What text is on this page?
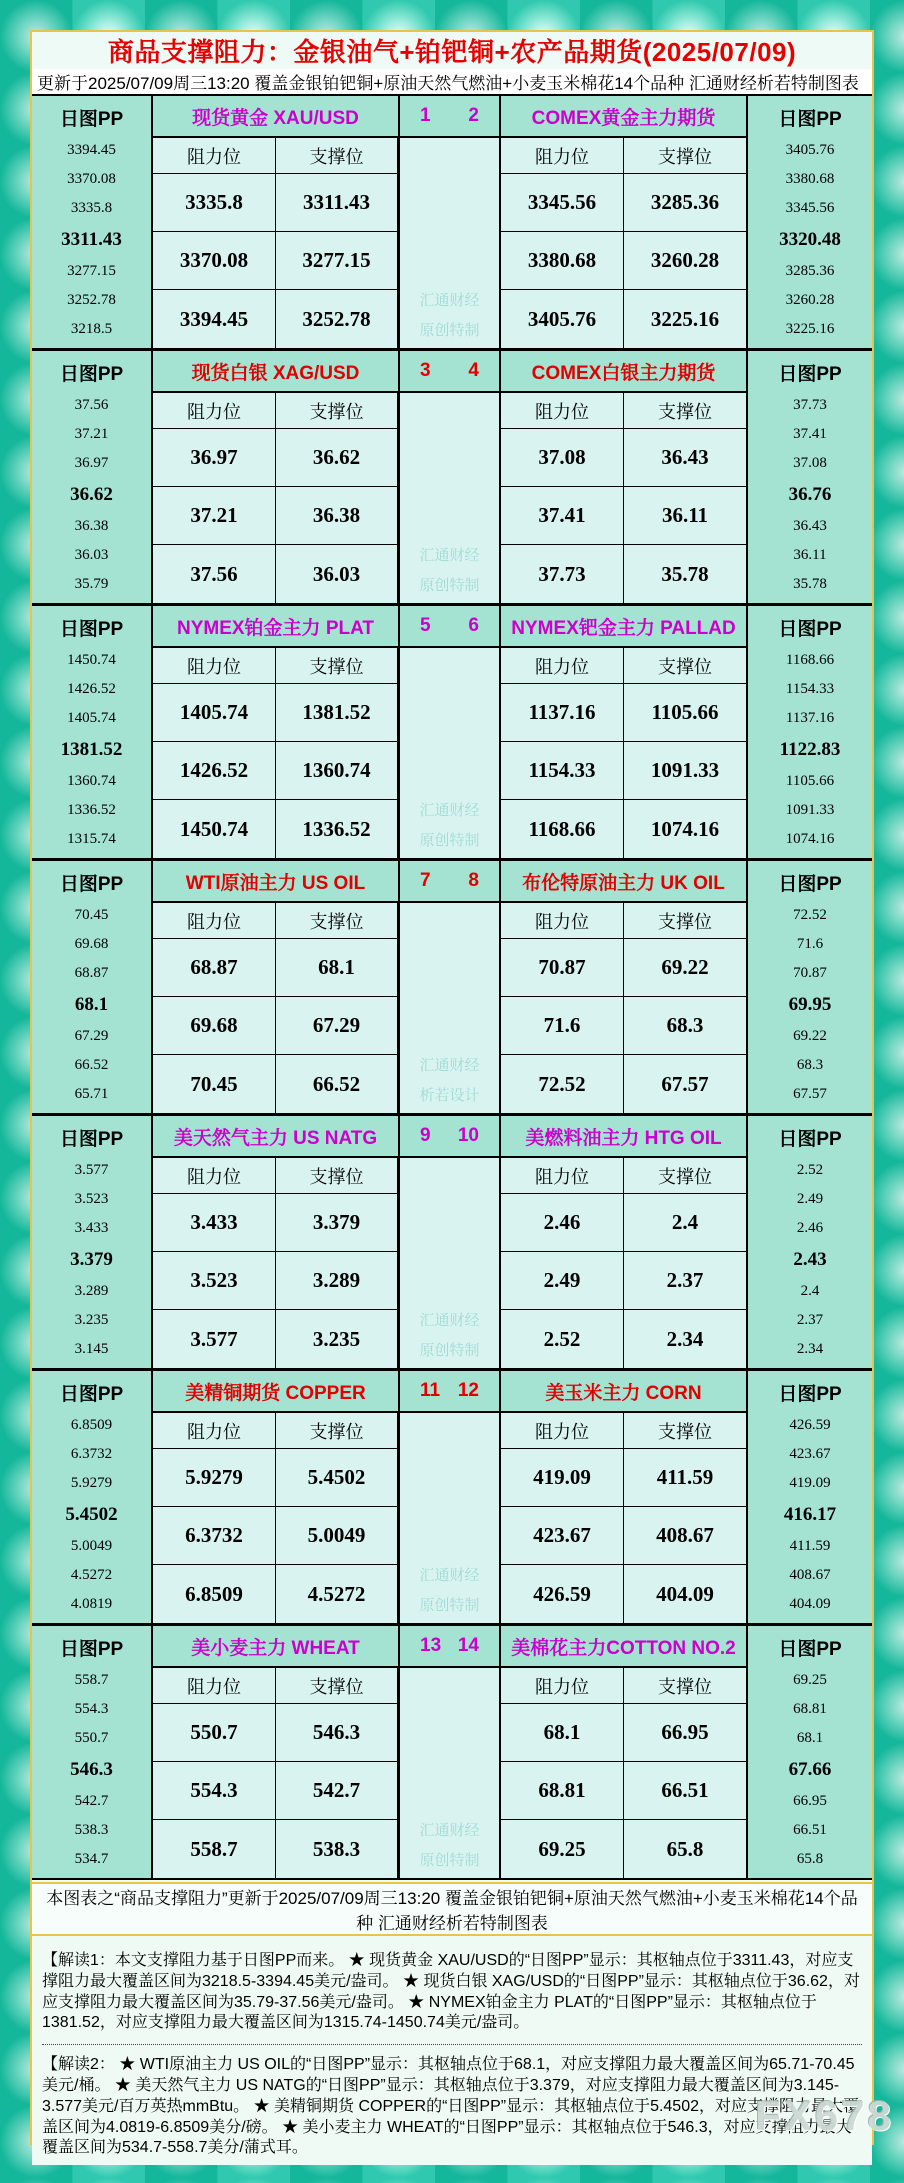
商品支撑阻力：金银油气+铂钯铜+农产品期货(2025/07/09)
更新于2025/07/09周三13:20 覆盖金银铂钯铜+原油天然气燃油+小麦玉米棉花14个品种 汇通财经析若特制图表
日图PP
3394.45
3370.08
3335.8
3311.43
3277.15
3252.78
3218.5
现货黄金 XAU/USD	1 2	COMEX黄金主力期货	日图PP
3405.76
3380.68
3345.56
3320.48
3285.36
3260.28
3225.16
阻力位	支撑位	阻力位	支撑位
汇通财经
原创特制
3335.8	3311.43
3370.08	3277.15
3394.45	3252.78
3345.56	3285.36
3380.68	3260.28
3405.76	3225.16
日图PP
37.56
37.21
36.97
36.62
36.38
36.03
35.79
现货白银 XAG/USD	3 4	COMEX白银主力期货	日图PP
37.73
37.41
37.08
36.76
36.43
36.11
35.78
阻力位	支撑位	阻力位	支撑位
汇通财经
原创特制
36.97	36.62
37.21	36.38
37.56	36.03
37.08	36.43
37.41	36.11
37.73	35.78
日图PP
1450.74
1426.52
1405.74
1381.52
1360.74
1336.52
1315.74
NYMEX铂金主力 PLAT	5 6	NYMEX钯金主力 PALLAD	日图PP
1168.66
1154.33
1137.16
1122.83
1105.66
1091.33
1074.16
阻力位	支撑位	阻力位	支撑位
汇通财经
原创特制
1405.74	1381.52
1426.52	1360.74
1450.74	1336.52
1137.16	1105.66
1154.33	1091.33
1168.66	1074.16
日图PP
70.45
69.68
68.87
68.1
67.29
66.52
65.71
WTI原油主力 US OIL	7 8	布伦特原油主力 UK OIL	日图PP
72.52
71.6
70.87
69.95
69.22
68.3
67.57
阻力位	支撑位	阻力位	支撑位
汇通财经
析若设计
68.87	68.1
69.68	67.29
70.45	66.52
70.87	69.22
71.6	68.3
72.52	67.57
日图PP
3.577
3.523
3.433
3.379
3.289
3.235
3.145
美天然气主力 US NATG	9 10	美燃料油主力 HTG OIL	日图PP
2.52
2.49
2.46
2.43
2.4
2.37
2.34
阻力位	支撑位	阻力位	支撑位
汇通财经
原创特制
3.433	3.379
3.523	3.289
3.577	3.235
2.46	2.4
2.49	2.37
2.52	2.34
日图PP
6.8509
6.3732
5.9279
5.4502
5.0049
4.5272
4.0819
美精铜期货 COPPER	11 12	美玉米主力 CORN	日图PP
426.59
423.67
419.09
416.17
411.59
408.67
404.09
阻力位	支撑位	阻力位	支撑位
汇通财经
原创特制
5.9279	5.4502
6.3732	5.0049
6.8509	4.5272
419.09	411.59
423.67	408.67
426.59	404.09
日图PP
558.7
554.3
550.7
546.3
542.7
538.3
534.7
美小麦主力 WHEAT	13 14	美棉花主力COTTON NO.2	日图PP
69.25
68.81
68.1
67.66
66.95
66.51
65.8
阻力位	支撑位	阻力位	支撑位
汇通财经
原创特制
550.7	546.3
554.3	542.7
558.7	538.3
68.1	66.95
68.81	66.51
69.25	65.8
本图表之“商品支撑阻力”更新于2025/07/09周三13:20 覆盖金银铂钯铜+原油天然气燃油+小麦玉米棉花14个品种 汇通财经析若特制图表
【解读1：本文支撑阻力基于日图PP而来。 ★ 现货黄金 XAU/USD的“日图PP”显示：其枢轴点位于3311.43，对应支撑阻力最大覆盖区间为3218.5-3394.45美元/盎司。 ★ 现货白银 XAG/USD的“日图PP”显示：其枢轴点位于36.62，对应支撑阻力最大覆盖区间为35.79-37.56美元/盎司。 ★ NYMEX铂金主力 PLAT的“日图PP”显示：其枢轴点位于1381.52，对应支撑阻力最大覆盖区间为1315.74-1450.74美元/盎司。
【解读2： ★ WTI原油主力 US OIL的“日图PP”显示：其枢轴点位于68.1，对应支撑阻力最大覆盖区间为65.71-70.45美元/桶。 ★ 美天然气主力 US NATG的“日图PP”显示：其枢轴点位于3.379，对应支撑阻力最大覆盖区间为3.145-3.577美元/百万英热mmBtu。 ★ 美精铜期货 COPPER的“日图PP”显示：其枢轴点位于5.4502，对应支撑阻力最大覆盖区间为4.0819-6.8509美分/磅。 ★ 美小麦主力 WHEAT的“日图PP”显示：其枢轴点位于546.3，对应支撑阻力最大覆盖区间为534.7-558.7美分/蒲式耳。
FX678
